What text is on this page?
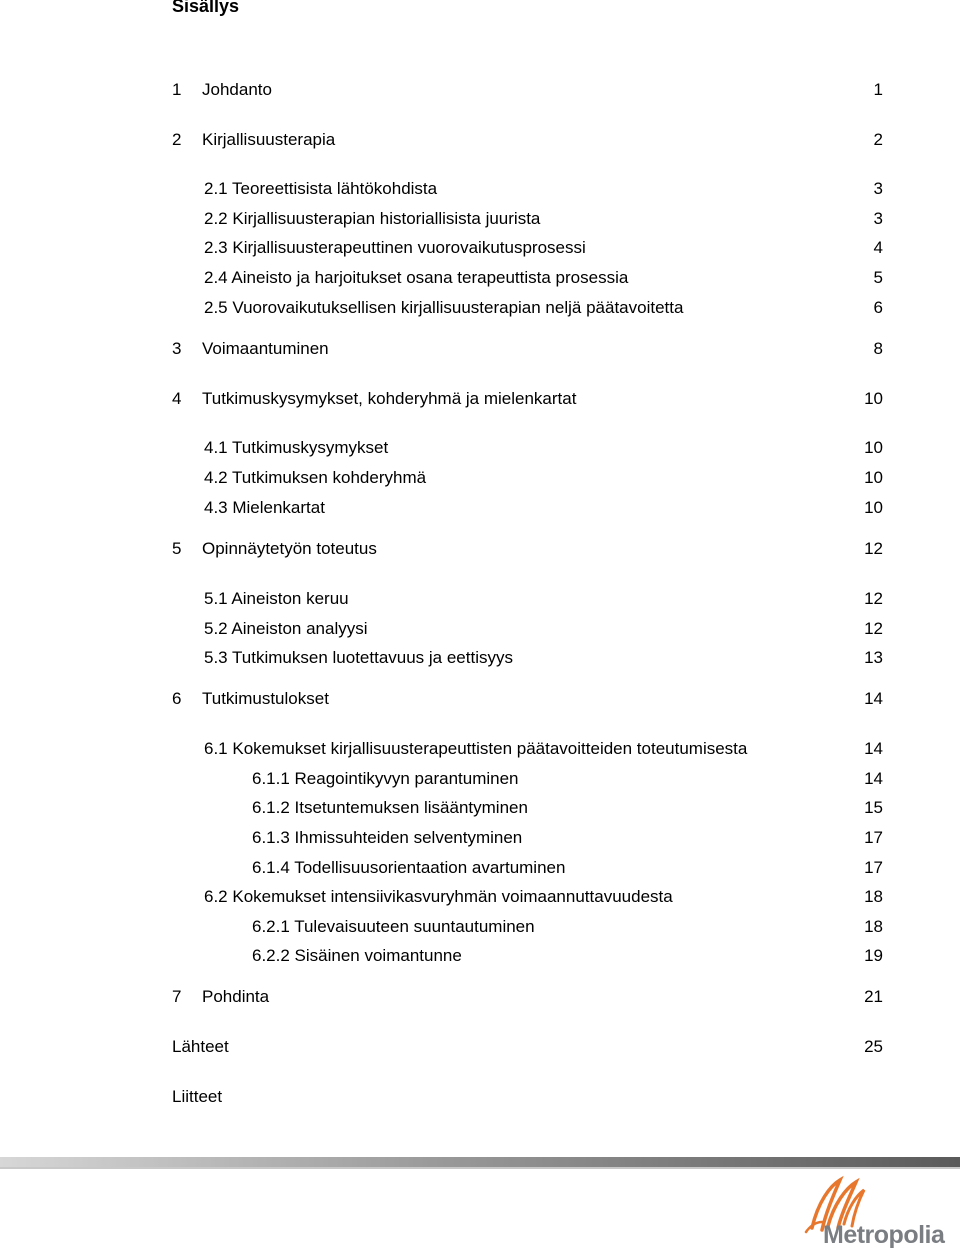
Sisällys
1 Johdanto	1
2 Kirjallisuusterapia	2
2.1 Teoreettisista lähtökohdista	3
2.2 Kirjallisuusterapian historiallisista juurista	3
2.3 Kirjallisuusterapeuttinen vuorovaikutusprosessi	4
2.4 Aineisto ja harjoitukset osana terapeuttista prosessia	5
2.5 Vuorovaikutuksellisen kirjallisuusterapian neljä päätavoitetta	6
3 Voimaantuminen	8
4 Tutkimuskysymykset, kohderyhmä ja mielenkartat	10
4.1 Tutkimuskysymykset	10
4.2 Tutkimuksen kohderyhmä	10
4.3 Mielenkartat	10
5 Opinnäytetyön toteutus	12
5.1 Aineiston keruu	12
5.2 Aineiston analyysi	12
5.3 Tutkimuksen luotettavuus ja eettisyys	13
6 Tutkimustulokset	14
6.1 Kokemukset kirjallisuusterapeuttisten päätavoitteiden toteutumisesta	14
6.1.1 Reagointikyvyn parantuminen	14
6.1.2 Itsetuntemuksen lisääntyminen	15
6.1.3 Ihmissuhteiden selventyminen	17
6.1.4 Todellisuusorientaation avartuminen	17
6.2 Kokemukset intensiivikasvuryhmän voimaannuttavuudesta	18
6.2.1 Tulevaisuuteen suuntautuminen	18
6.2.2 Sisäinen voimantunne	19
7 Pohdinta	21
Lähteet	25
Liitteet
Metropolia
